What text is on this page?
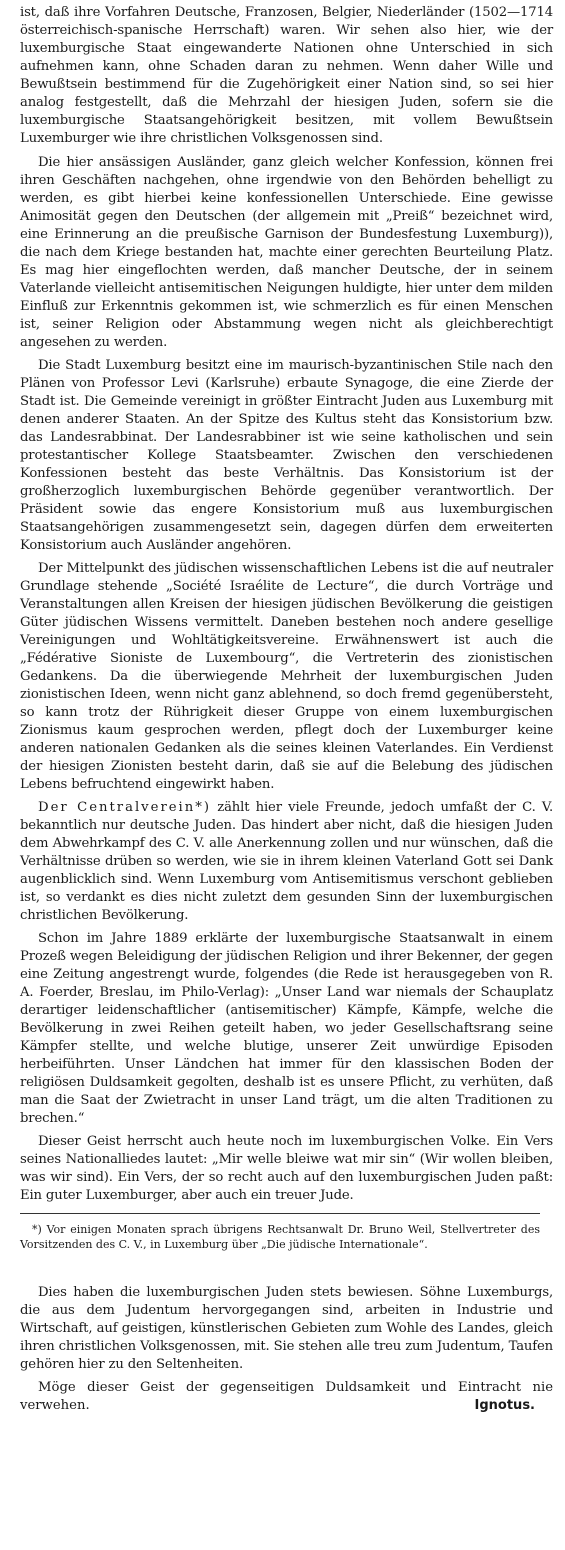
ist, daß ihre Vorfahren Deutsche, Franzosen, Belgier, Niederländer (1502—1714 österreichisch-spanische Herrschaft) waren. Wir sehen also hier, wie der luxemburgische Staat eingewanderte Nationen ohne Unterschied in sich aufnehmen kann, ohne Schaden daran zu nehmen. Wenn daher Wille und Bewußtsein bestimmend für die Zugehörigkeit einer Nation sind, so sei hier analog festgestellt, daß die Mehrzahl der hiesigen Juden, sofern sie die luxemburgische Staatsangehörigkeit besitzen, mit vollem Bewußtsein Luxemburger wie ihre christlichen Volksgenossen sind.

Die hier ansässigen Ausländer, ganz gleich welcher Konfession, können frei ihren Geschäften nachgehen, ohne irgendwie von den Behörden behelligt zu werden, es gibt hierbei keine konfessionellen Unterschiede. Eine gewisse Animosität gegen den Deutschen (der allgemein mit „Preiß“ bezeichnet wird, eine Erinnerung an die preußische Garnison der Bundesfestung Luxemburg)), die nach dem Kriege bestanden hat, machte einer gerechten Beurteilung Platz. Es mag hier eingeflochten werden, daß mancher Deutsche, der in seinem Vaterlande vielleicht antisemitischen Neigungen huldigte, hier unter dem milden Einfluß zur Erkenntnis gekommen ist, wie schmerzlich es für einen Menschen ist, seiner Religion oder Abstammung wegen nicht als gleichberechtigt angesehen zu werden.

Die Stadt Luxemburg besitzt eine im maurisch-byzantinischen Stile nach den Plänen von Professor Levi (Karlsruhe) erbaute Synagoge, die eine Zierde der Stadt ist. Die Gemeinde vereinigt in größter Eintracht Juden aus Luxemburg mit denen anderer Staaten. An der Spitze des Kultus steht das Konsistorium bzw. das Landesrabbinat. Der Landesrabbiner ist wie seine katholischen und sein protestantischer Kollege Staatsbeamter. Zwischen den verschiedenen Konfessionen besteht das beste Verhältnis. Das Konsistorium ist der großherzoglich luxemburgischen Behörde gegenüber verantwortlich. Der Präsident sowie das engere Konsistorium muß aus luxemburgischen Staatsangehörigen zusammengesetzt sein, dagegen dürfen dem erweiterten Konsistorium auch Ausländer angehören.

Der Mittelpunkt des jüdischen wissenschaftlichen Lebens ist die auf neutraler Grundlage stehende „Société Israélite de Lecture“, die durch Vorträge und Veranstaltungen allen Kreisen der hiesigen jüdischen Bevölkerung die geistigen Güter jüdischen Wissens vermittelt. Daneben bestehen noch andere gesellige Vereinigungen und Wohltätigkeitsvereine. Erwähnenswert ist auch die „Fédérative Sioniste de Luxembourg“, die Vertreterin des zionistischen Gedankens. Da die überwiegende Mehrheit der luxemburgischen Juden zionistischen Ideen, wenn nicht ganz ablehnend, so doch fremd gegenübersteht, so kann trotz der Rührigkeit dieser Gruppe von einem luxemburgischen Zionismus kaum gesprochen werden, pflegt doch der Luxemburger keine anderen nationalen Gedanken als die seines kleinen Vaterlandes. Ein Verdienst der hiesigen Zionisten besteht darin, daß sie auf die Belebung des jüdischen Lebens befruchtend eingewirkt haben.

Der Centralverein*) zählt hier viele Freunde, jedoch umfaßt der C. V. bekanntlich nur deutsche Juden. Das hindert aber nicht, daß die hiesigen Juden dem Abwehrkampf des C. V. alle Anerkennung zollen und nur wünschen, daß die Verhältnisse drüben so werden, wie sie in ihrem kleinen Vaterland Gott sei Dank augenblicklich sind. Wenn Luxemburg vom Antisemitismus verschont geblieben ist, so verdankt es dies nicht zuletzt dem gesunden Sinn der luxemburgischen christlichen Bevölkerung.

Schon im Jahre 1889 erklärte der luxemburgische Staatsanwalt in einem Prozeß wegen Beleidigung der jüdischen Religion und ihrer Bekenner, der gegen eine Zeitung angestrengt wurde, folgendes (die Rede ist herausgegeben von R. A. Foerder, Breslau, im Philo-Verlag): „Unser Land war niemals der Schauplatz derartiger leidenschaftlicher (antisemitischer) Kämpfe, Kämpfe, welche die Bevölkerung in zwei Reihen geteilt haben, wo jeder Gesellschaftsrang seine Kämpfer stellte, und welche blutige, unserer Zeit unwürdige Episoden herbeiführten. Unser Ländchen hat immer für den klassischen Boden der religiösen Duldsamkeit gegolten, deshalb ist es unsere Pflicht, zu verhüten, daß man die Saat der Zwietracht in unser Land trägt, um die alten Traditionen zu brechen.“

Dieser Geist herrscht auch heute noch im luxemburgischen Volke. Ein Vers seines Nationalliedes lautet: „Mir welle bleiwe wat mir sin“ (Wir wollen bleiben, was wir sind). Ein Vers, der so recht auch auf den luxemburgischen Juden paßt: Ein guter Luxemburger, aber auch ein treuer Jude.

*) Vor einigen Monaten sprach übrigens Rechtsanwalt Dr. Bruno Weil, Stellvertreter des Vorsitzenden des C. V., in Luxemburg über „Die jüdische Internationale“.

Dies haben die luxemburgischen Juden stets bewiesen. Söhne Luxemburgs, die aus dem Judentum hervorgegangen sind, arbeiten in Industrie und Wirtschaft, auf geistigen, künstlerischen Gebieten zum Wohle des Landes, gleich ihren christlichen Volksgenossen, mit. Sie stehen alle treu zum Judentum, Taufen gehören hier zu den Seltenheiten.

Möge dieser Geist der gegenseitigen Duldsamkeit und Eintracht nie verwehen.	Ignotus.
